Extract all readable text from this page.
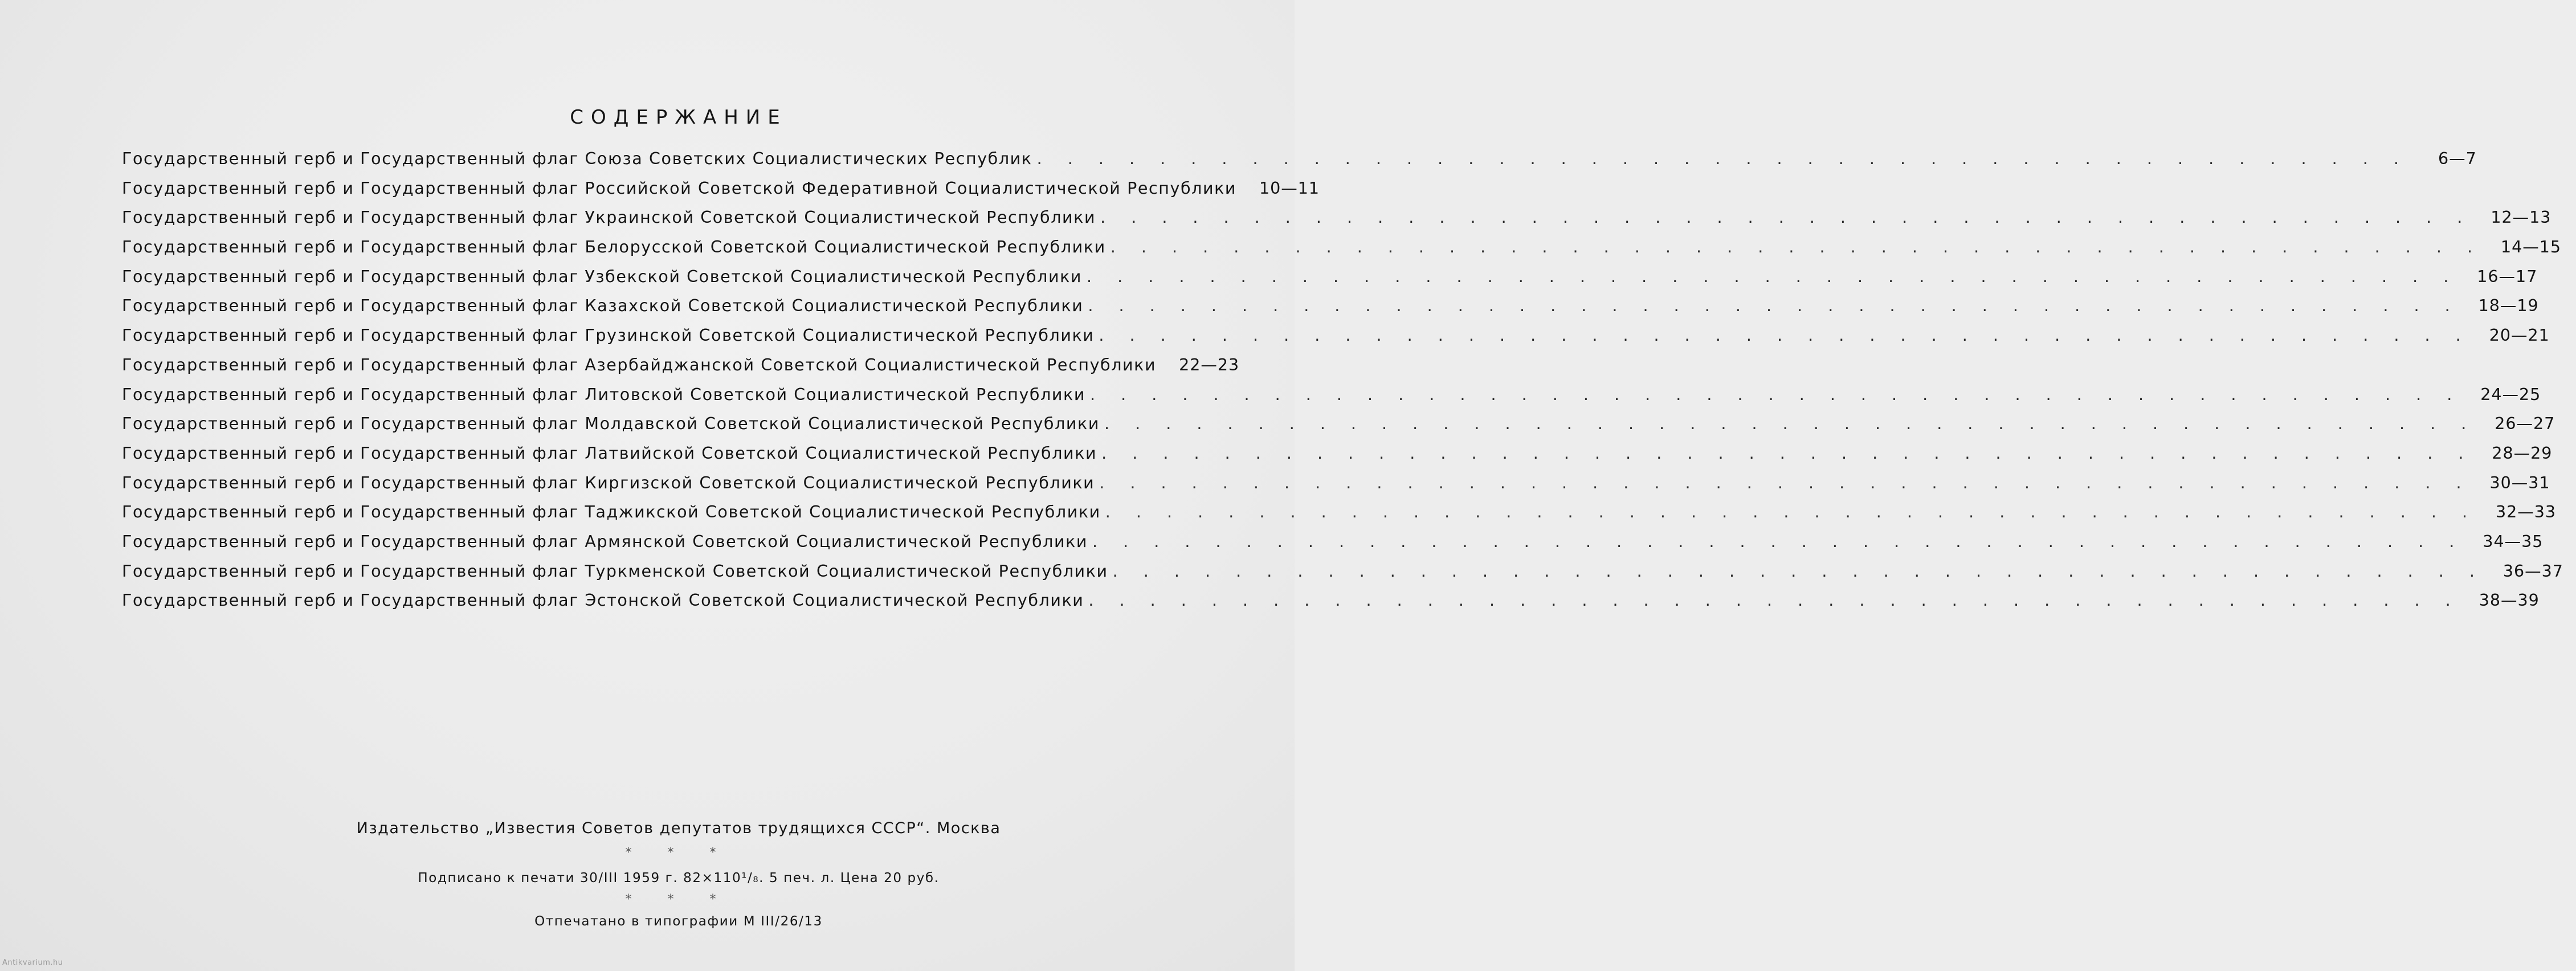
СОДЕРЖАНИЕ
Государственный герб и Государственный флаг Союза Советских Социалистических Республик . . . . . . . . . . . . . . . . . . . . . . . . . . . . . . . . . . . . . . . . . . . . .	6—7
Государственный герб и Государственный флаг Российской Советской Федеративной Социалистической Республики	10—11
Государственный герб и Государственный флаг Украинской Советской Социалистической Республики . . . . . . . . . . . . . . . . . . . . . . . . . . . . . . . . . . . . . . . . . . . . .	12—13
Государственный герб и Государственный флаг Белорусской Советской Социалистической Республики . . . . . . . . . . . . . . . . . . . . . . . . . . . . . . . . . . . . . . . . . . . . .	14—15
Государственный герб и Государственный флаг Узбекской Советской Социалистической Республики . . . . . . . . . . . . . . . . . . . . . . . . . . . . . . . . . . . . . . . . . . . . .	16—17
Государственный герб и Государственный флаг Казахской Советской Социалистической Республики . . . . . . . . . . . . . . . . . . . . . . . . . . . . . . . . . . . . . . . . . . . . .	18—19
Государственный герб и Государственный флаг Грузинской Советской Социалистической Республики . . . . . . . . . . . . . . . . . . . . . . . . . . . . . . . . . . . . . . . . . . . . .	20—21
Государственный герб и Государственный флаг Азербайджанской Советской Социалистической Республики	22—23
Государственный герб и Государственный флаг Литовской Советской Социалистической Республики . . . . . . . . . . . . . . . . . . . . . . . . . . . . . . . . . . . . . . . . . . . . .	24—25
Государственный герб и Государственный флаг Молдавской Советской Социалистической Республики . . . . . . . . . . . . . . . . . . . . . . . . . . . . . . . . . . . . . . . . . . . . .	26—27
Государственный герб и Государственный флаг Латвийской Советской Социалистической Республики . . . . . . . . . . . . . . . . . . . . . . . . . . . . . . . . . . . . . . . . . . . . .	28—29
Государственный герб и Государственный флаг Киргизской Советской Социалистической Республики . . . . . . . . . . . . . . . . . . . . . . . . . . . . . . . . . . . . . . . . . . . . .	30—31
Государственный герб и Государственный флаг Таджикской Советской Социалистической Республики . . . . . . . . . . . . . . . . . . . . . . . . . . . . . . . . . . . . . . . . . . . . .	32—33
Государственный герб и Государственный флаг Армянской Советской Социалистической Республики . . . . . . . . . . . . . . . . . . . . . . . . . . . . . . . . . . . . . . . . . . . . .	34—35
Государственный герб и Государственный флаг Туркменской Советской Социалистической Республики . . . . . . . . . . . . . . . . . . . . . . . . . . . . . . . . . . . . . . . . . . . . .	36—37
Государственный герб и Государственный флаг Эстонской Советской Социалистической Республики . . . . . . . . . . . . . . . . . . . . . . . . . . . . . . . . . . . . . . . . . . . . .	38—39
Издательство „Известия Советов депутатов трудящихся СССР“. Москва
* * *
Подписано к печати 30/III 1959 г. 82×110¹/₈. 5 печ. л. Цена 20 руб.
* * *
Отпечатано в типографии М III/26/13
Antikvarium.hu
